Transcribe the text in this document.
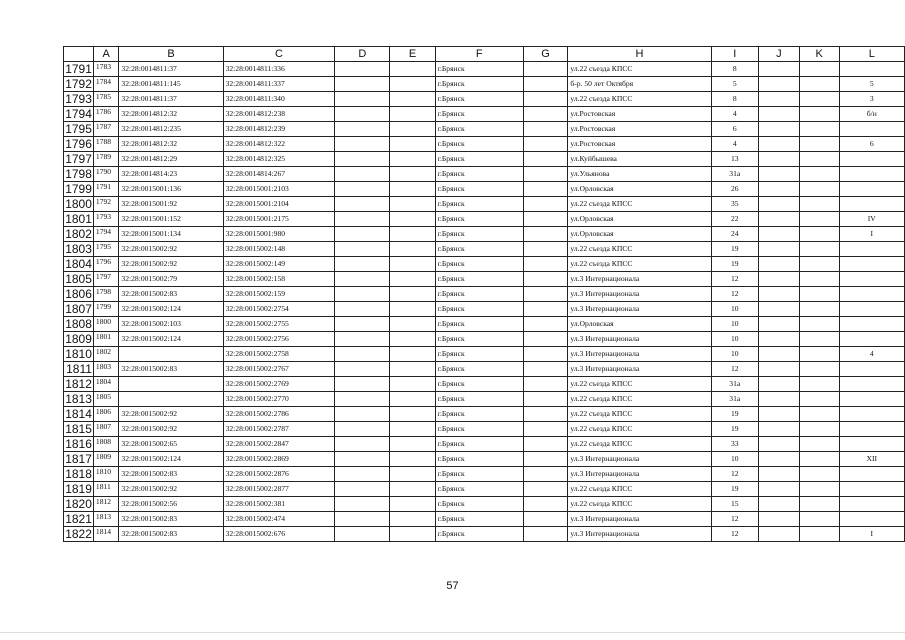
	A	B	C	D	E	F	G	H	I	J	K	L
1791	1783	32:28:0014811:37	32:28:0014811:336			г.Брянск		ул.22 съезда КПСС	8			
1792	1784	32:28:0014811:145	32:28:0014811:337			г.Брянск		б-р. 50 лет Октября	5			5
1793	1785	32:28:0014811:37	32:28:0014811:340			г.Брянск		ул.22 съезда КПСС	8			3
1794	1786	32:28:0014812:32	32:28:0014812:238			г.Брянск		ул.Ростовская	4			б/н
1795	1787	32:28:0014812:235	32:28:0014812:239			г.Брянск		ул.Ростовская	6			
1796	1788	32:28:0014812:32	32:28:0014812:322			г.Брянск		ул.Ростовская	4			6
1797	1789	32:28:0014812:29	32:28:0014812:325			г.Брянск		ул.Куйбышева	13			
1798	1790	32:28:0014814:23	32:28:0014814:267			г.Брянск		ул.Ульянова	31а			
1799	1791	32:28:0015001:136	32:28:0015001:2103			г.Брянск		ул.Орловская	26			
1800	1792	32:28:0015001:92	32:28:0015001:2104			г.Брянск		ул.22 съезда КПСС	35			
1801	1793	32:28:0015001:152	32:28:0015001:2175			г.Брянск		ул.Орловская	22			IV
1802	1794	32:28:0015001:134	32:28:0015001:980			г.Брянск		ул.Орловская	24			I
1803	1795	32:28:0015002:92	32:28:0015002:148			г.Брянск		ул.22 съезда КПСС	19			
1804	1796	32:28:0015002:92	32:28:0015002:149			г.Брянск		ул.22 съезда КПСС	19			
1805	1797	32:28:0015002:79	32:28:0015002:158			г.Брянск		ул.3 Интернационала	12			
1806	1798	32:28:0015002:83	32:28:0015002:159			г.Брянск		ул.3 Интернационала	12			
1807	1799	32:28:0015002:124	32:28:0015002:2754			г.Брянск		ул.3 Интернационала	10			
1808	1800	32:28:0015002:103	32:28:0015002:2755			г.Брянск		ул.Орловская	10			
1809	1801	32:28:0015002:124	32:28:0015002:2756			г.Брянск		ул.3 Интернационала	10			
1810	1802		32:28:0015002:2758			г.Брянск		ул.3 Интернационала	10			4
1811	1803	32:28:0015002:83	32:28:0015002:2767			г.Брянск		ул.3 Интернационала	12			
1812	1804		32:28:0015002:2769			г.Брянск		ул.22 съезда КПСС	31а			
1813	1805		32:28:0015002:2770			г.Брянск		ул.22 съезда КПСС	31а			
1814	1806	32:28:0015002:92	32:28:0015002:2786			г.Брянск		ул.22 съезда КПСС	19			
1815	1807	32:28:0015002:92	32:28:0015002:2787			г.Брянск		ул.22 съезда КПСС	19			
1816	1808	32:28:0015002:65	32:28:0015002:2847			г.Брянск		ул.22 съезда КПСС	33			
1817	1809	32:28:0015002:124	32:28:0015002:2869			г.Брянск		ул.3 Интернационала	10			XII
1818	1810	32:28:0015002:83	32:28:0015002:2876			г.Брянск		ул.3 Интернационала	12			
1819	1811	32:28:0015002:92	32:28:0015002:2877			г.Брянск		ул.22 съезда КПСС	19			
1820	1812	32:28:0015002:56	32:28:0015002:381			г.Брянск		ул.22 съезда КПСС	15			
1821	1813	32:28:0015002:83	32:28:0015002:474			г.Брянск		ул.3 Интернационала	12			
1822	1814	32:28:0015002:83	32:28:0015002:676			г.Брянск		ул.3 Интернационала	12			I
57
